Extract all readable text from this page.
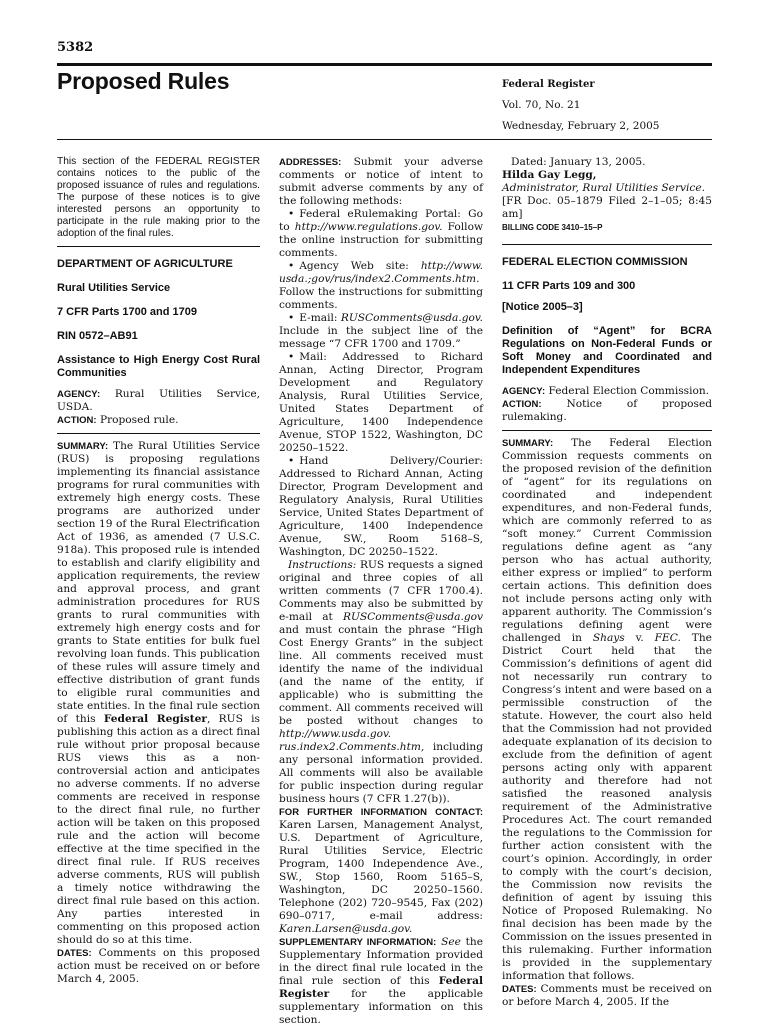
5382
Proposed Rules	Federal Register
Vol. 70, No. 21
Wednesday, February 2, 2005

This section of the FEDERAL REGISTER contains notices to the public of the proposed issuance of rules and regulations. The purpose of these notices is to give interested persons an opportunity to participate in the rule making prior to the adoption of the final rules.

DEPARTMENT OF AGRICULTURE

Rural Utilities Service

7 CFR Parts 1700 and 1709

RIN 0572–AB91

Assistance to High Energy Cost Rural Communities

AGENCY: Rural Utilities Service, USDA.

ACTION: Proposed rule.

SUMMARY: The Rural Utilities Service (RUS) is proposing regulations implementing its financial assistance programs for rural communities with extremely high energy costs. These programs are authorized under section 19 of the Rural Electrification Act of 1936, as amended (7 U.S.C. 918a). This proposed rule is intended to establish and clarify eligibility and application requirements, the review and approval process, and grant administration procedures for RUS grants to rural communities with extremely high energy costs and for grants to State entities for bulk fuel revolving loan funds. This publication of these rules will assure timely and effective distribution of grant funds to eligible rural communities and state entities. In the final rule section of this Federal Register, RUS is publishing this action as a direct final rule without prior proposal because RUS views this as a non-controversial action and anticipates no adverse comments. If no adverse comments are received in response to the direct final rule, no further action will be taken on this proposed rule and the action will become effective at the time specified in the direct final rule. If RUS receives adverse comments, RUS will publish a timely notice withdrawing the direct final rule based on this action. Any parties interested in commenting on this proposed action should do so at this time.

DATES: Comments on this proposed action must be received on or before March 4, 2005.

ADDRESSES: Submit your adverse comments or notice of intent to submit adverse comments by any of the following methods:

• Federal eRulemaking Portal: Go to http://www.regulations.gov. Follow the online instruction for submitting comments.

• Agency Web site: http://www. usda.;gov/rus/index2.Comments.htm. Follow the instructions for submitting comments.

• E-mail: RUSComments@usda.gov. Include in the subject line of the message “7 CFR 1700 and 1709.”

• Mail: Addressed to Richard Annan, Acting Director, Program Development and Regulatory Analysis, Rural Utilities Service, United States Department of Agriculture, 1400 Independence Avenue, STOP 1522, Washington, DC 20250–1522.

• Hand Delivery/Courier: Addressed to Richard Annan, Acting Director, Program Development and Regulatory Analysis, Rural Utilities Service, United States Department of Agriculture, 1400 Independence Avenue, SW., Room 5168–S, Washington, DC 20250–1522.

Instructions: RUS requests a signed original and three copies of all written comments (7 CFR 1700.4). Comments may also be submitted by e-mail at RUSComments@usda.gov and must contain the phrase “High Cost Energy Grants” in the subject line. All comments received must identify the name of the individual (and the name of the entity, if applicable) who is submitting the comment. All comments received will be posted without changes to http://www.usda.gov. rus.index2.Comments.htm, including any personal information provided. All comments will also be available for public inspection during regular business hours (7 CFR 1.27(b)).

FOR FURTHER INFORMATION CONTACT: Karen Larsen, Management Analyst, U.S. Department of Agriculture, Rural Utilities Service, Electric Program, 1400 Independence Ave., SW., Stop 1560, Room 5165–S, Washington, DC 20250–1560. Telephone (202) 720–9545, Fax (202) 690–0717, e-mail address: Karen.Larsen@usda.gov.

SUPPLEMENTARY INFORMATION: See the Supplementary Information provided in the direct final rule located in the final rule section of this Federal Register for the applicable supplementary information on this section.

Dated: January 13, 2005.

Hilda Gay Legg,

Administrator, Rural Utilities Service.

[FR Doc. 05–1879 Filed 2–1–05; 8:45 am]

BILLING CODE 3410–15–P

FEDERAL ELECTION COMMISSION

11 CFR Parts 109 and 300

[Notice 2005–3]

Definition of “Agent” for BCRA Regulations on Non-Federal Funds or Soft Money and Coordinated and Independent Expenditures

AGENCY: Federal Election Commission.

ACTION: Notice of proposed rulemaking.

SUMMARY: The Federal Election Commission requests comments on the proposed revision of the definition of “agent” for its regulations on coordinated and independent expenditures, and non-Federal funds, which are commonly referred to as “soft money.” Current Commission regulations define agent as “any person who has actual authority, either express or implied” to perform certain actions. This definition does not include persons acting only with apparent authority. The Commission’s regulations defining agent were challenged in Shays v. FEC. The District Court held that the Commission’s definitions of agent did not necessarily run contrary to Congress’s intent and were based on a permissible construction of the statute. However, the court also held that the Commission had not provided adequate explanation of its decision to exclude from the definition of agent persons acting only with apparent authority and therefore had not satisfied the reasoned analysis requirement of the Administrative Procedures Act. The court remanded the regulations to the Commission for further action consistent with the court’s opinion. Accordingly, in order to comply with the court’s decision, the Commission now revisits the definition of agent by issuing this Notice of Proposed Rulemaking. No final decision has been made by the Commission on the issues presented in this rulemaking. Further information is provided in the supplementary information that follows.

DATES: Comments must be received on or before March 4, 2005. If the
